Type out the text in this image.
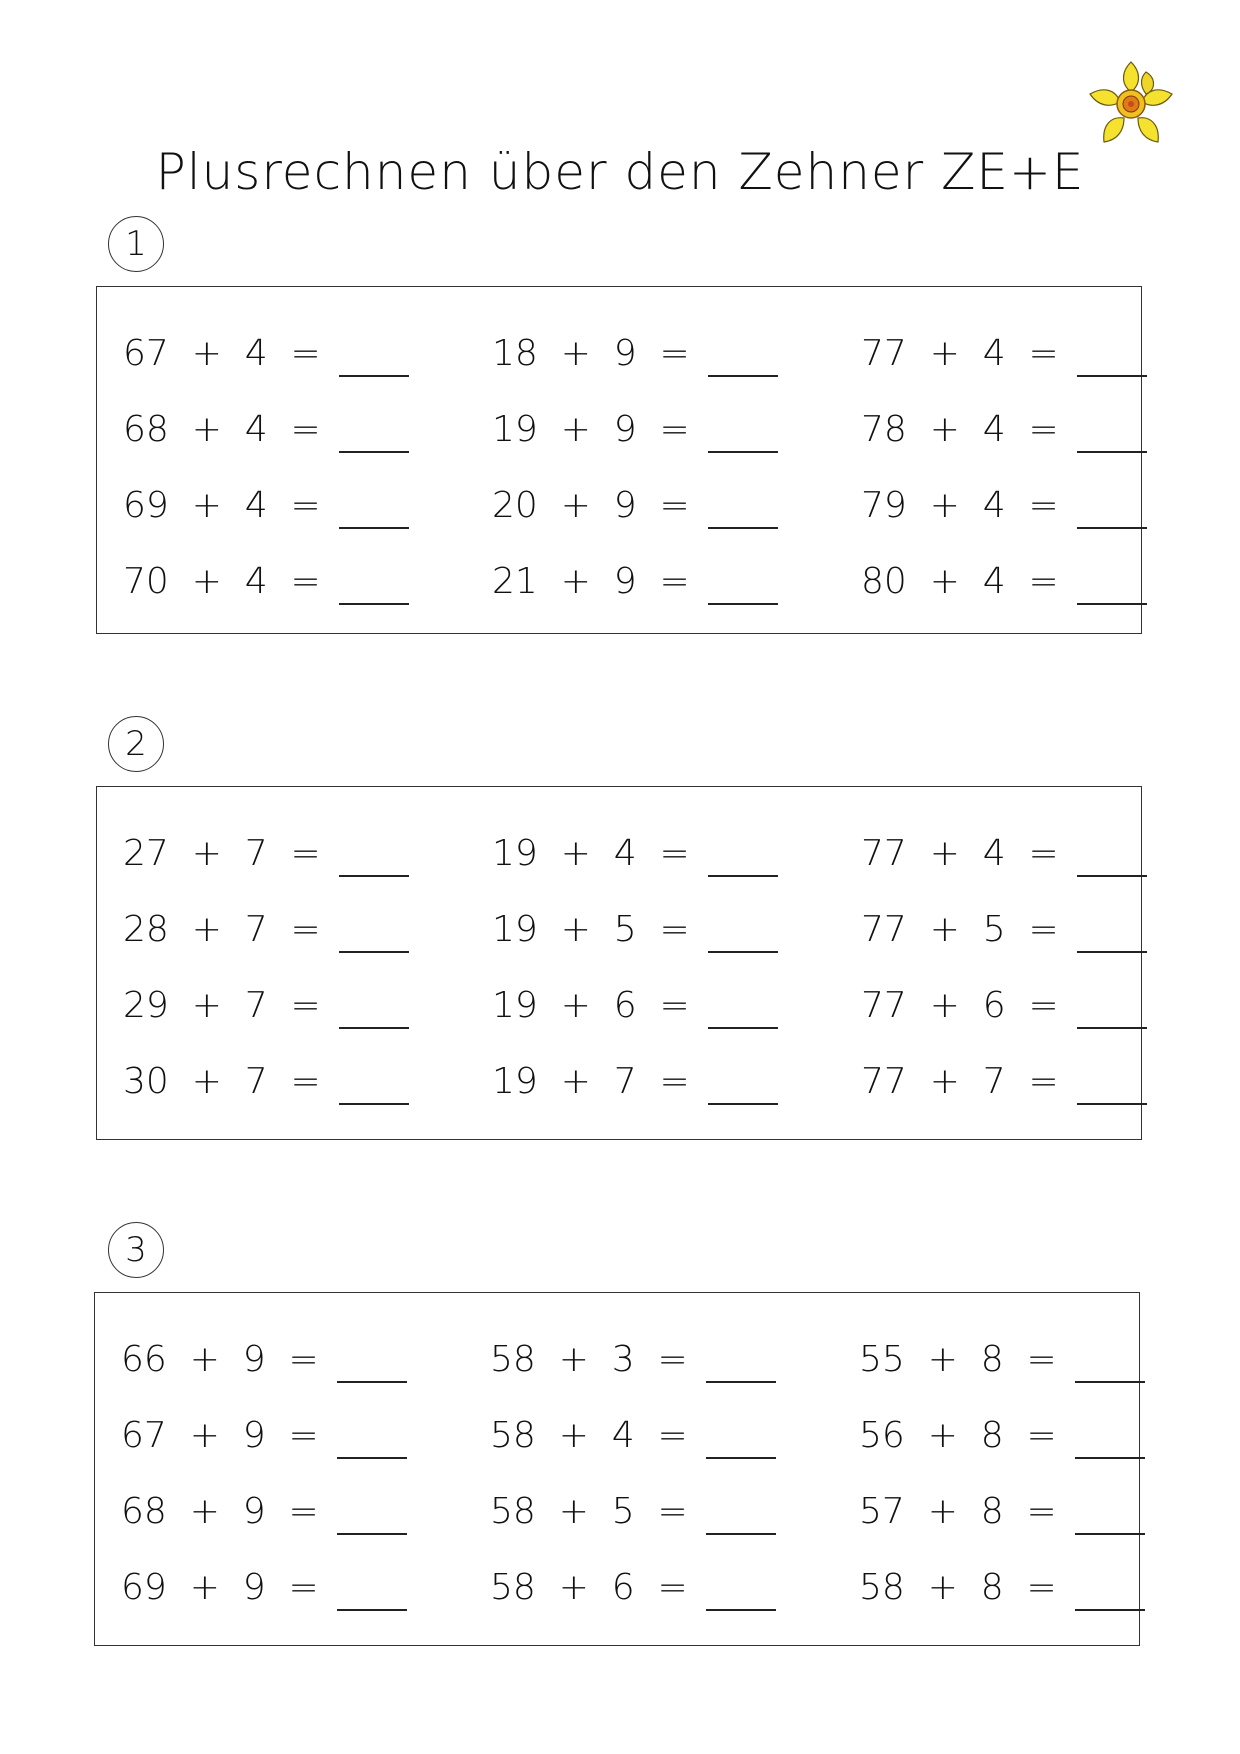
Plusrechnen über den Zehner ZE+E
1
67  +  4  =	18  +  9  =	77  +  4  =
68  +  4  =	19  +  9  =	78  +  4  =
69  +  4  =	20  +  9  =	79  +  4  =
70  +  4  =	21  +  9  =	80  +  4  =
2
27  +  7  =	19  +  4  =	77  +  4  =
28  +  7  =	19  +  5  =	77  +  5  =
29  +  7  =	19  +  6  =	77  +  6  =
30  +  7  =	19  +  7  =	77  +  7  =
3
66  +  9  =	58  +  3  =	55  +  8  =
67  +  9  =	58  +  4  =	56  +  8  =
68  +  9  =	58  +  5  =	57  +  8  =
69  +  9  =	58  +  6  =	58  +  8  =
